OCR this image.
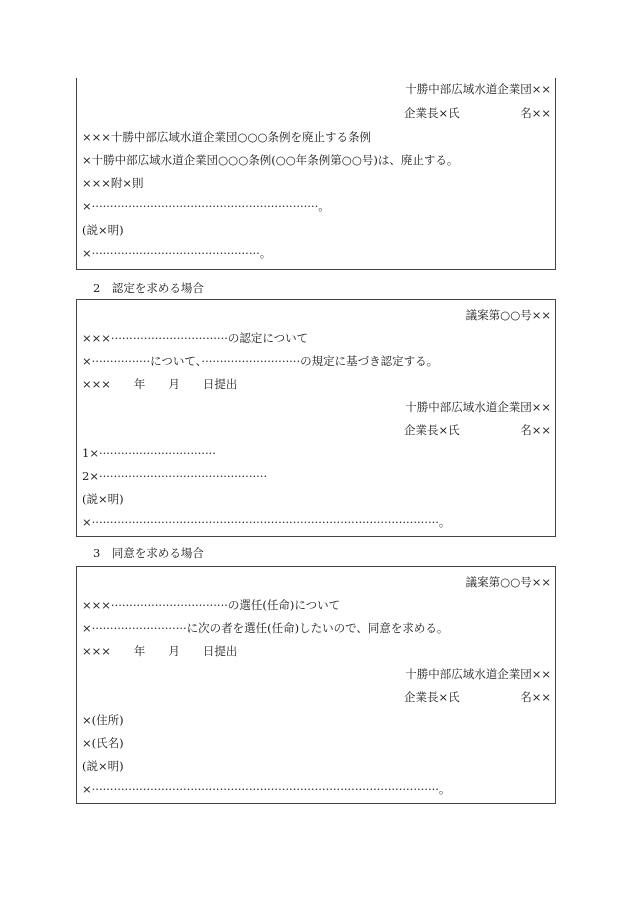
十勝中部広域水道企業団××
企業長×氏	名××
×××十勝中部広域水道企業団○○○条例を廃止する条例
×十勝中部広域水道企業団○○○条例(○○年条例第○○号)は、廃止する。
×××附×則
×······························································。
(説×明)
×··············································。
2　認定を求める場合
議案第○○号××
×××································の認定について
×················について、···························の規定に基づき認定する。
×××　　年　　月　　日提出
十勝中部広域水道企業団××
企業長×氏	名××
1×································
2×··············································
(説×明)
×·······························································································。
3　同意を求める場合
議案第○○号××
×××································の選任(任命)について
×··························に次の者を選任(任命)したいので、同意を求める。
×××　　年　　月　　日提出
十勝中部広域水道企業団××
企業長×氏	名××
×(住所)
×(氏名)
(説×明)
×·······························································································。
